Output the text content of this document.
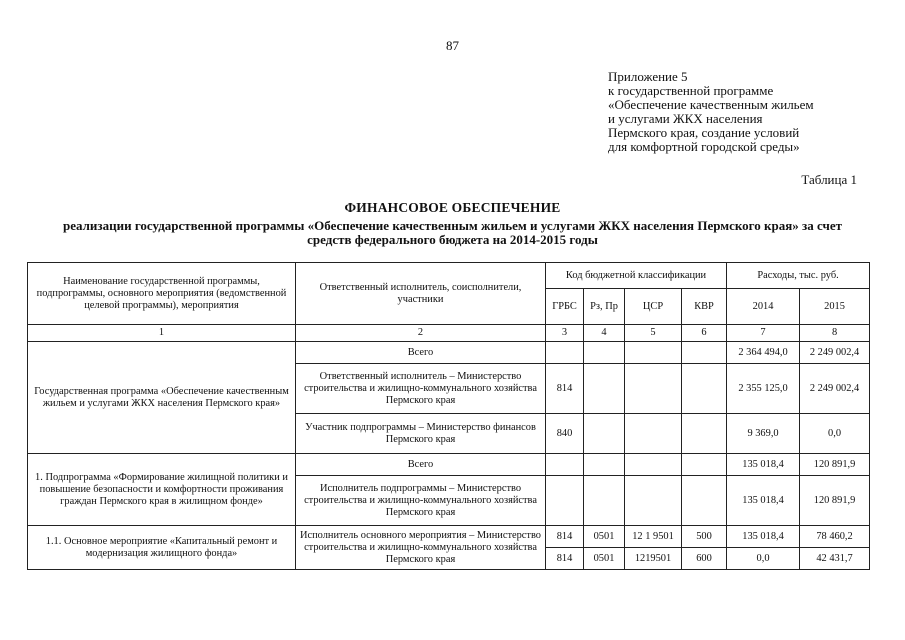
87
Приложение 5
к государственной программе
«Обеспечение качественным жильем
и услугами ЖКХ населения
Пермского края, создание условий
для комфортной городской среды»
Таблица 1
ФИНАНСОВОЕ ОБЕСПЕЧЕНИЕ
реализации государственной программы «Обеспечение качественным жильем и услугами ЖКХ населения Пермского края» за счет средств федерального бюджета на 2014-2015 годы
Наименование государственной программы, подпрограммы, основного мероприятия (ведомственной целевой программы), мероприятия	Ответственный исполнитель, соисполнители, участники	Код бюджетной классификации				Расходы, тыс. руб.	
		ГРБС	Рз, Пр	ЦСР	КВР	2014	2015
1	2	3	4	5	6	7	8
Государственная программа «Обеспечение качественным жильем и услугами ЖКХ населения Пермского края»	Всего					2 364 494,0	2 249 002,4
	Ответственный исполнитель – Министерство строительства и жилищно-коммунального хозяйства Пермского края	814				2 355 125,0	2 249 002,4
	Участник подпрограммы – Министерство финансов Пермского края	840				9 369,0	0,0
1. Подпрограмма «Формирование жилищной политики и повышение безопасности и комфортности проживания граждан Пермского края в жилищном фонде»	Всего					135 018,4	120 891,9
	Исполнитель подпрограммы – Министерство строительства и жилищно-коммунального хозяйства Пермского края					135 018,4	120 891,9
1.1. Основное мероприятие «Капитальный ремонт и модернизация жилищного фонда»	Исполнитель основного мероприятия – Министерство строительства и жилищно-коммунального хозяйства Пермского края	814	0501	12 1 9501	500	135 018,4	78 460,2
		814	0501	1219501	600	0,0	42 431,7
